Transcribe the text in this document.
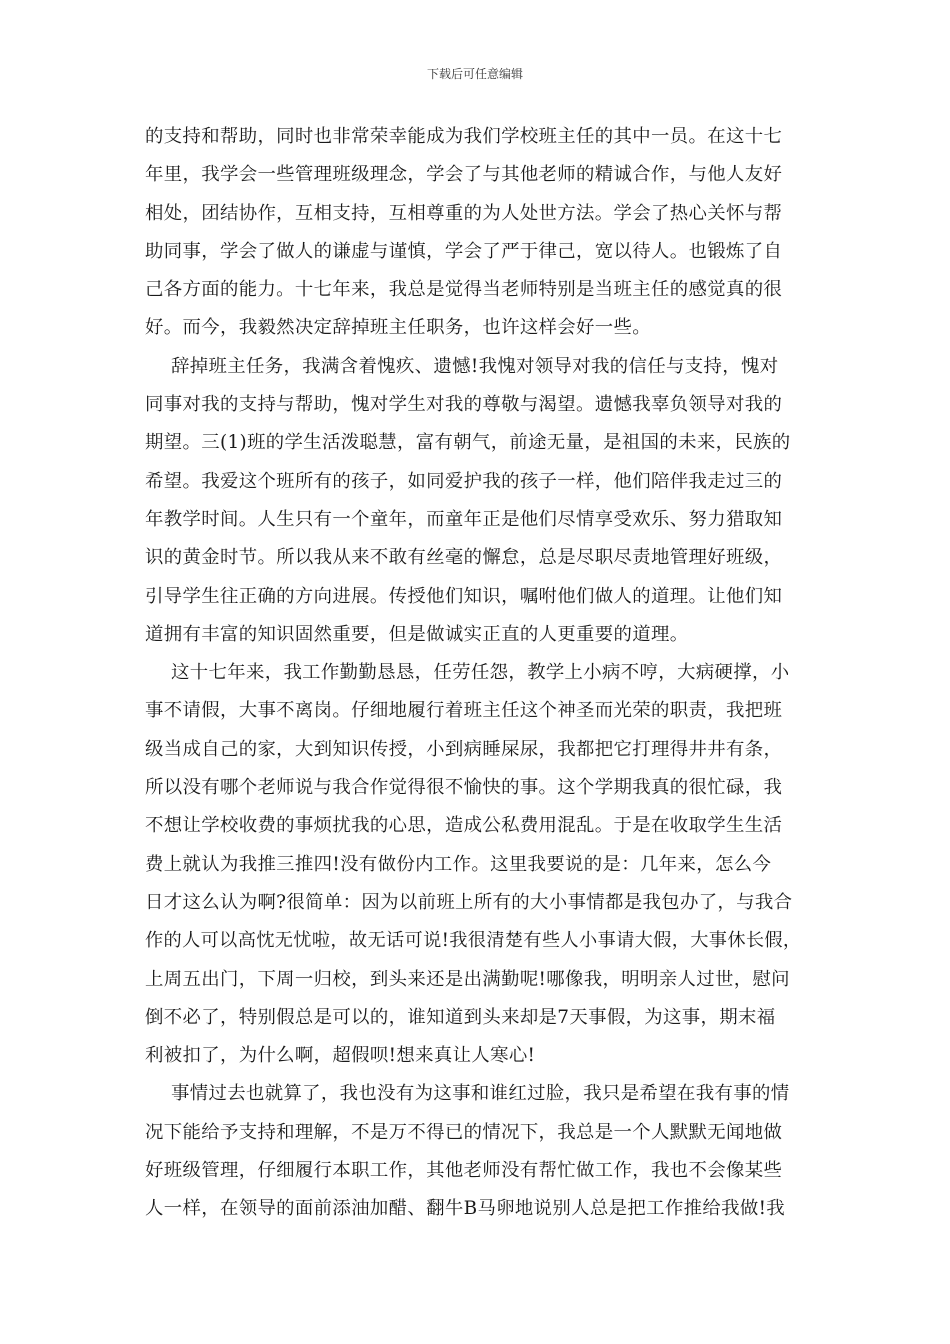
下载后可任意编辑
的支持和帮助，同时也非常荣幸能成为我们学校班主任的其中一员。在这十七
年里，我学会一些管理班级理念，学会了与其他老师的精诚合作，与他人友好
相处，团结协作，互相支持，互相尊重的为人处世方法。学会了热心关怀与帮
助同事，学会了做人的谦虚与谨慎，学会了严于律己，宽以待人。也锻炼了自
己各方面的能力。十七年来，我总是觉得当老师特别是当班主任的感觉真的很
好。而今，我毅然决定辞掉班主任职务，也许这样会好一些。
辞掉班主任务，我满含着愧疚、遗憾!我愧对领导对我的信任与支持，愧对
同事对我的支持与帮助，愧对学生对我的尊敬与渴望。遗憾我辜负领导对我的
期望。三(1)班的学生活泼聪慧，富有朝气，前途无量，是祖国的未来，民族的
希望。我爱这个班所有的孩子，如同爱护我的孩子一样，他们陪伴我走过三的
年教学时间。人生只有一个童年，而童年正是他们尽情享受欢乐、努力猎取知
识的黄金时节。所以我从来不敢有丝毫的懈怠，总是尽职尽责地管理好班级，
引导学生往正确的方向进展。传授他们知识，嘱咐他们做人的道理。让他们知
道拥有丰富的知识固然重要，但是做诚实正直的人更重要的道理。
这十七年来，我工作勤勤恳恳，任劳任怨，教学上小病不哼，大病硬撑，小
事不请假，大事不离岗。仔细地履行着班主任这个神圣而光荣的职责，我把班
级当成自己的家，大到知识传授，小到病睡屎尿，我都把它打理得井井有条，
所以没有哪个老师说与我合作觉得很不愉快的事。这个学期我真的很忙碌，我
不想让学校收费的事烦扰我的心思，造成公私费用混乱。于是在收取学生生活
费上就认为我推三推四!没有做份内工作。这里我要说的是：几年来，怎么今
日才这么认为啊?很简单：因为以前班上所有的大小事情都是我包办了，与我合
作的人可以高忱无忧啦，故无话可说!我很清楚有些人小事请大假，大事休长假，
上周五出门，下周一归校，到头来还是出满勤呢!哪像我，明明亲人过世，慰问
倒不必了，特别假总是可以的，谁知道到头来却是7天事假，为这事，期末福
利被扣了，为什么啊，超假呗!想来真让人寒心!
事情过去也就算了，我也没有为这事和谁红过脸，我只是希望在我有事的情
况下能给予支持和理解，不是万不得已的情况下，我总是一个人默默无闻地做
好班级管理，仔细履行本职工作，其他老师没有帮忙做工作，我也不会像某些
人一样，在领导的面前添油加醋、翻牛B马卵地说别人总是把工作推给我做!我
